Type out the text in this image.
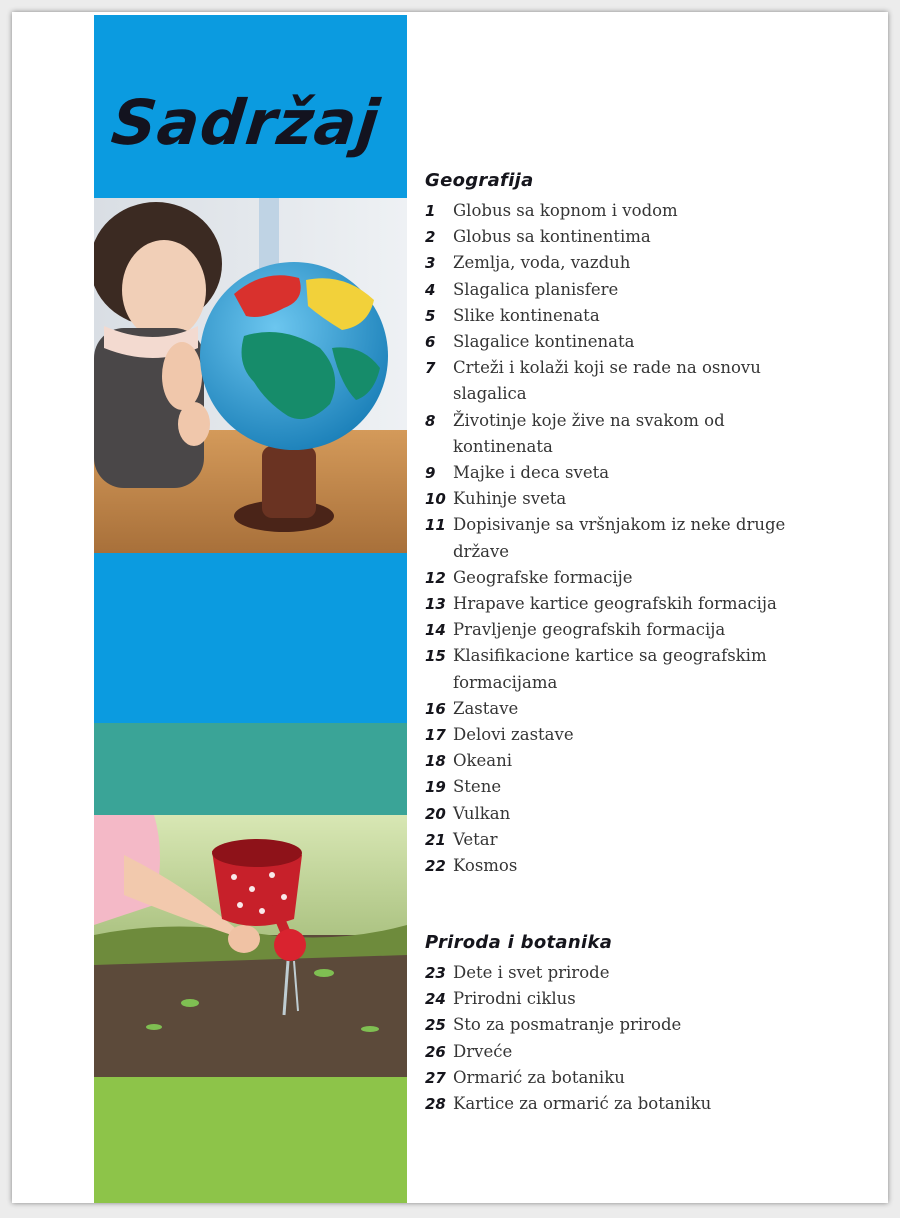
Sadržaj
Geografija
1	Globus sa kopnom i vodom
2	Globus sa kontinentima
3	Zemlja, voda, vazduh
4	Slagalica planisfere
5	Slike kontinenata
6	Slagalice kontinenata
7	Crteži i kolaži koji se rade na osnovu slagalica
8	Životinje koje žive na svakom od kontinenata
9	Majke i deca sveta
10 Kuhinje sveta
11 Dopisivanje sa vršnjakom iz neke druge države
12 Geografske formacije
13 Hrapave kartice geografskih formacija
14 Pravljenje geografskih formacija
15 Klasifikacione kartice sa geografskim formacijama
16 Zastave
17 Delovi zastave
18 Okeani
19 Stene
20 Vulkan
21 Vetar
22 Kosmos
Priroda i botanika
23 Dete i svet prirode
24 Prirodni ciklus
25 Sto za posmatranje prirode
26 Drveće
27 Ormarić za botaniku
28 Kartice za ormarić za botaniku
